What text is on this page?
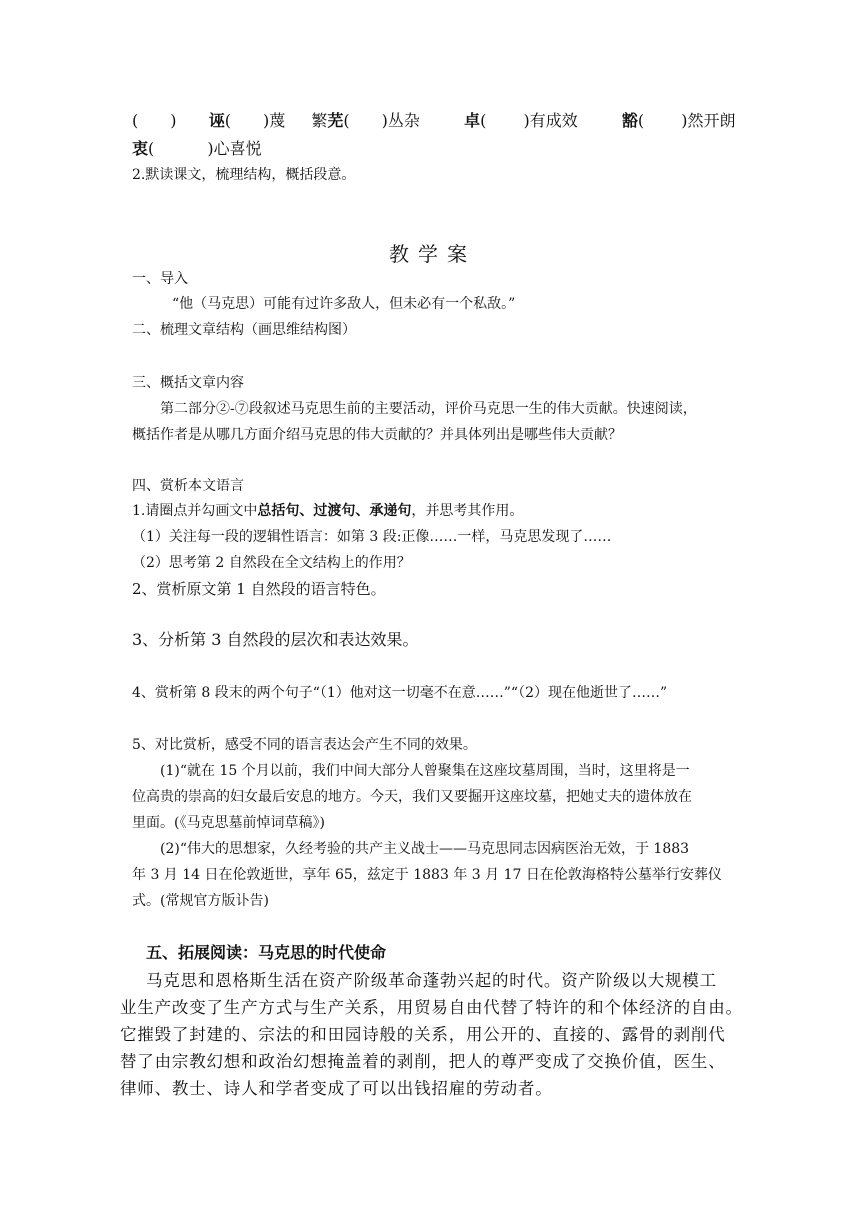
(　　) 诬(　　)蔑 繁芜(　　)丛杂	卓(　　 )有成效	豁(　　 )然开朗
衷(　　 　)心喜悦
2.默读课文，梳理结构，概括段意。
教学案
一、导入
“他（马克思）可能有过许多敌人，但未必有一个私敌。”
二、梳理文章结构（画思维结构图）
三、概括文章内容
第二部分②-⑦段叙述马克思生前的主要活动，评价马克思一生的伟大贡献。快速阅读，
概括作者是从哪几方面介绍马克思的伟大贡献的？并具体列出是哪些伟大贡献？
四、赏析本文语言
1.请圈点并勾画文中总括句、过渡句、承递句，并思考其作用。
（1）关注每一段的逻辑性语言：如第 3 段:正像……一样，马克思发现了……
（2）思考第 2 自然段在全文结构上的作用？
2、赏析原文第 1 自然段的语言特色。
3、分析第 3 自然段的层次和表达效果。
4、赏析第 8 段末的两个句子“（1）他对这一切毫不在意……”“（2）现在他逝世了……”
5、对比赏析，感受不同的语言表达会产生不同的效果。
(1)“就在 15 个月以前，我们中间大部分人曾聚集在这座坟墓周围，当时，这里将是一
位高贵的崇高的妇女最后安息的地方。今天，我们又要掘开这座坟墓，把她丈夫的遗体放在
里面。(《马克思墓前悼词草稿》)
(2)“伟大的思想家，久经考验的共产主义战士——马克思同志因病医治无效，于 1883
年 3 月 14 日在伦敦逝世，享年 65，兹定于 1883 年 3 月 17 日在伦敦海格特公墓举行安葬仪
式。(常规官方版讣告)
五、拓展阅读：马克思的时代使命
马克思和恩格斯生活在资产阶级革命蓬勃兴起的时代。资产阶级以大规模工
业生产改变了生产方式与生产关系，用贸易自由代替了特许的和个体经济的自由。
它摧毁了封建的、宗法的和田园诗般的关系，用公开的、直接的、露骨的剥削代
替了由宗教幻想和政治幻想掩盖着的剥削，把人的尊严变成了交换价值，医生、
律师、教士、诗人和学者变成了可以出钱招雇的劳动者。
